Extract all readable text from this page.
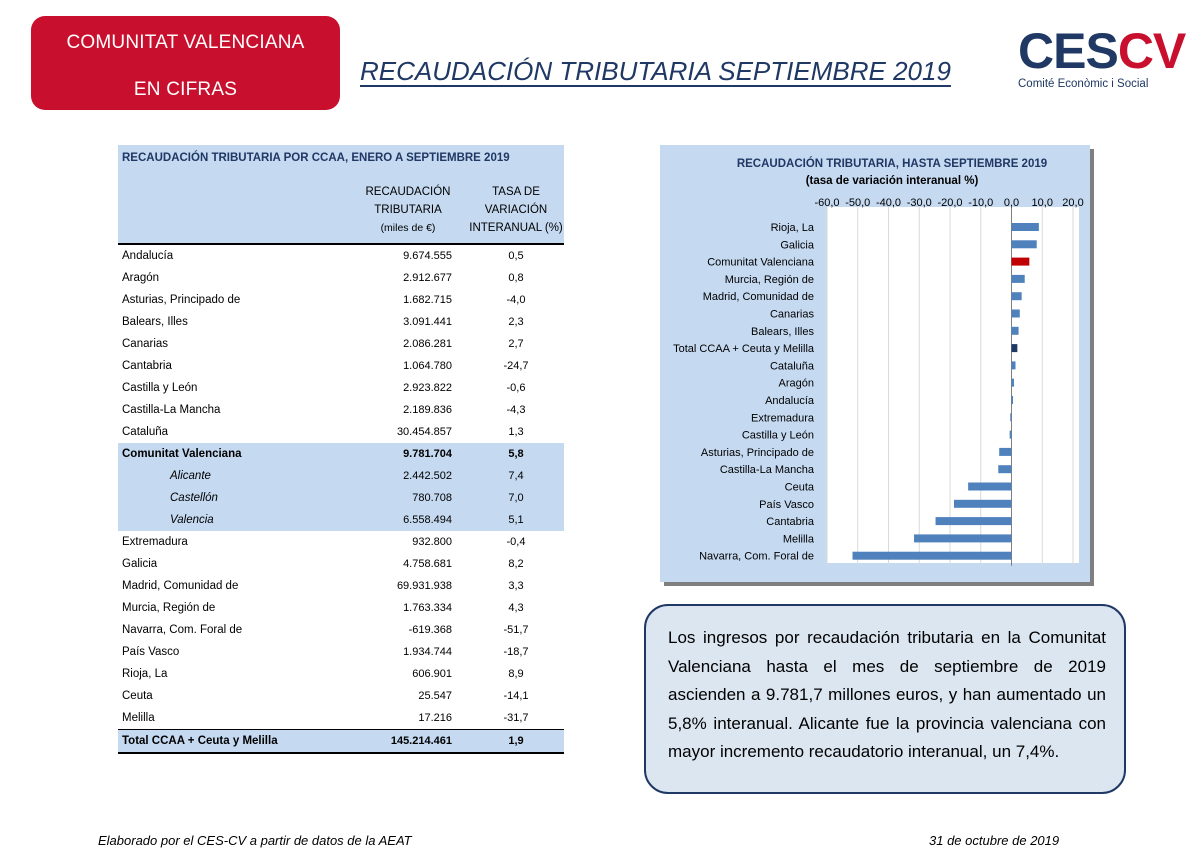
COMUNITAT VALENCIANA
EN CIFRAS
RECAUDACIÓN TRIBUTARIA SEPTIEMBRE 2019 CESCV
Comité Econòmic i Social
RECAUDACIÓN TRIBUTARIA POR CCAA, ENERO A SEPTIEMBRE 2019
RECAUDACIÓN
TRIBUTARIA
(miles de €)
TASA DE
VARIACIÓN
INTERANUAL (%)
Andalucía	9.674.555	0,5
Aragón	2.912.677	0,8
Asturias, Principado de	1.682.715	-4,0
Balears, Illes	3.091.441	2,3
Canarias	2.086.281	2,7
Cantabria	1.064.780	-24,7
Castilla y León	2.923.822	-0,6
Castilla-La Mancha	2.189.836	-4,3
Cataluña	30.454.857	1,3
Comunitat Valenciana	9.781.704	5,8
Alicante	2.442.502	7,4
Castellón	780.708	7,0
Valencia	6.558.494	5,1
Extremadura	932.800	-0,4
Galicia	4.758.681	8,2
Madrid, Comunidad de	69.931.938	3,3
Murcia, Región de	1.763.334	4,3
Navarra, Com. Foral de	-619.368	-51,7
País Vasco	1.934.744	-18,7
Rioja, La	606.901	8,9
Ceuta	25.547	-14,1
Melilla	17.216	-31,7
Total CCAA + Ceuta y Melilla	145.214.461	1,9
RECAUDACIÓN TRIBUTARIA, HASTA SEPTIEMBRE 2019
(tasa de variación interanual %)
-60,0 -50,0 -40,0 -30,0 -20,0 -10,0 0,0 10,0 20,0
Rioja, La
Galicia
Comunitat Valenciana
Murcia, Región de
Madrid, Comunidad de
Canarias
Balears, Illes
Total CCAA + Ceuta y Melilla
Cataluña
Aragón
Andalucía
Extremadura
Castilla y León
Asturias, Principado de
Castilla-La Mancha
Ceuta
País Vasco
Cantabria
Melilla
Navarra, Com. Foral de

Los ingresos por recaudación tributaria en la Comunitat Valenciana hasta el mes de septiembre de 2019 ascienden a 9.781,7 millones euros, y han aumentado un 5,8% interanual. Alicante fue la provincia valenciana con mayor incremento recaudatorio interanual, un 7,4%.

Elaborado por el CES-CV a partir de datos de la AEAT	31 de octubre de 2019
